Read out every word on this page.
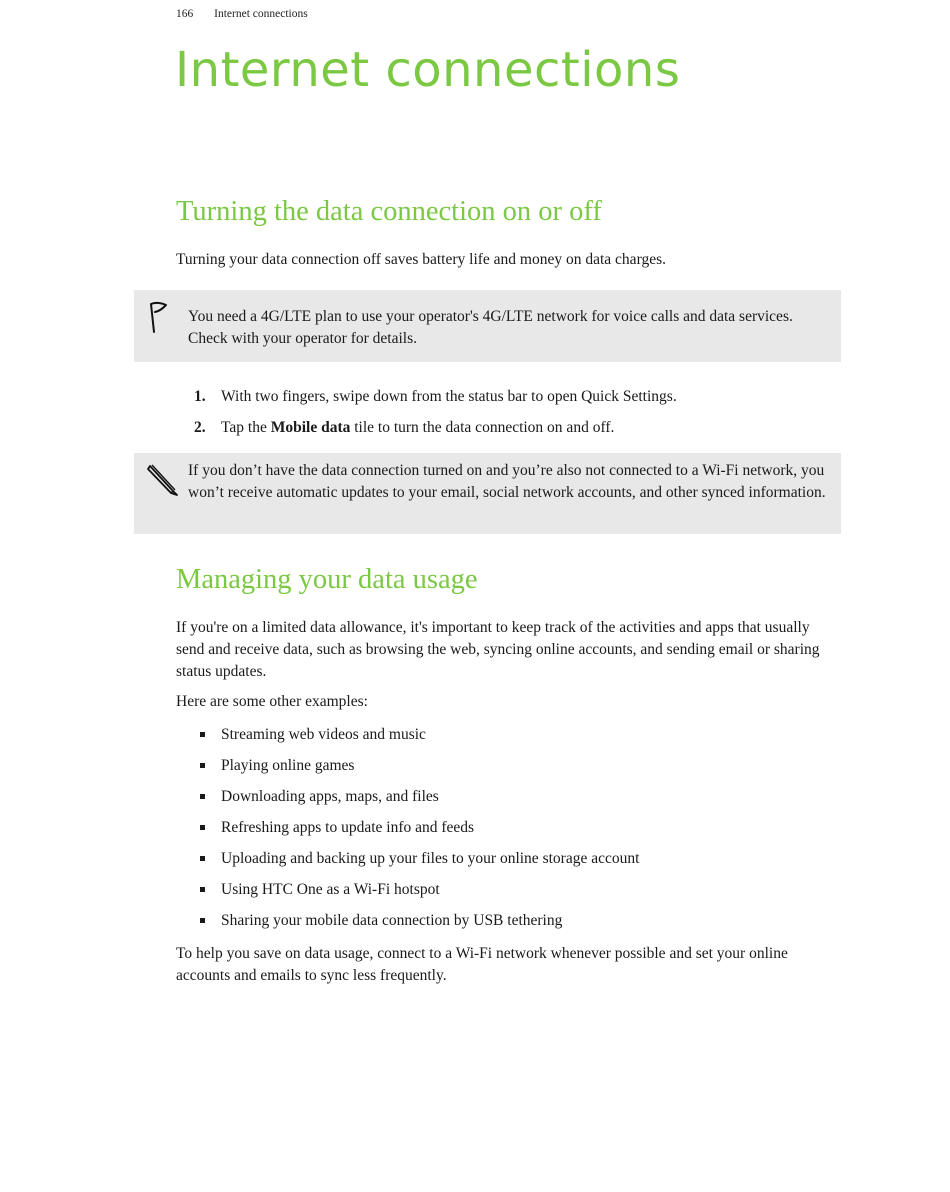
166 Internet connections
Internet connections
Turning the data connection on or off

Turning your data connection off saves battery life and money on data charges.

You need a 4G/LTE plan to use your operator's 4G/LTE network for voice calls and data services. Check with your operator for details.
1. With two fingers, swipe down from the status bar to open Quick Settings.
2. Tap the Mobile data tile to turn the data connection on and off.
If you don’t have the data connection turned on and you’re also not connected to a Wi-Fi network, you won’t receive automatic updates to your email, social network accounts, and other synced information.
Managing your data usage

If you're on a limited data allowance, it's important to keep track of the activities and apps that usually send and receive data, such as browsing the web, syncing online accounts, and sending email or sharing status updates.

Here are some other examples:

Streaming web videos and music
Playing online games
Downloading apps, maps, and files
Refreshing apps to update info and feeds
Uploading and backing up your files to your online storage account
Using HTC One as a Wi-Fi hotspot
Sharing your mobile data connection by USB tethering

To help you save on data usage, connect to a Wi-Fi network whenever possible and set your online accounts and emails to sync less frequently.
